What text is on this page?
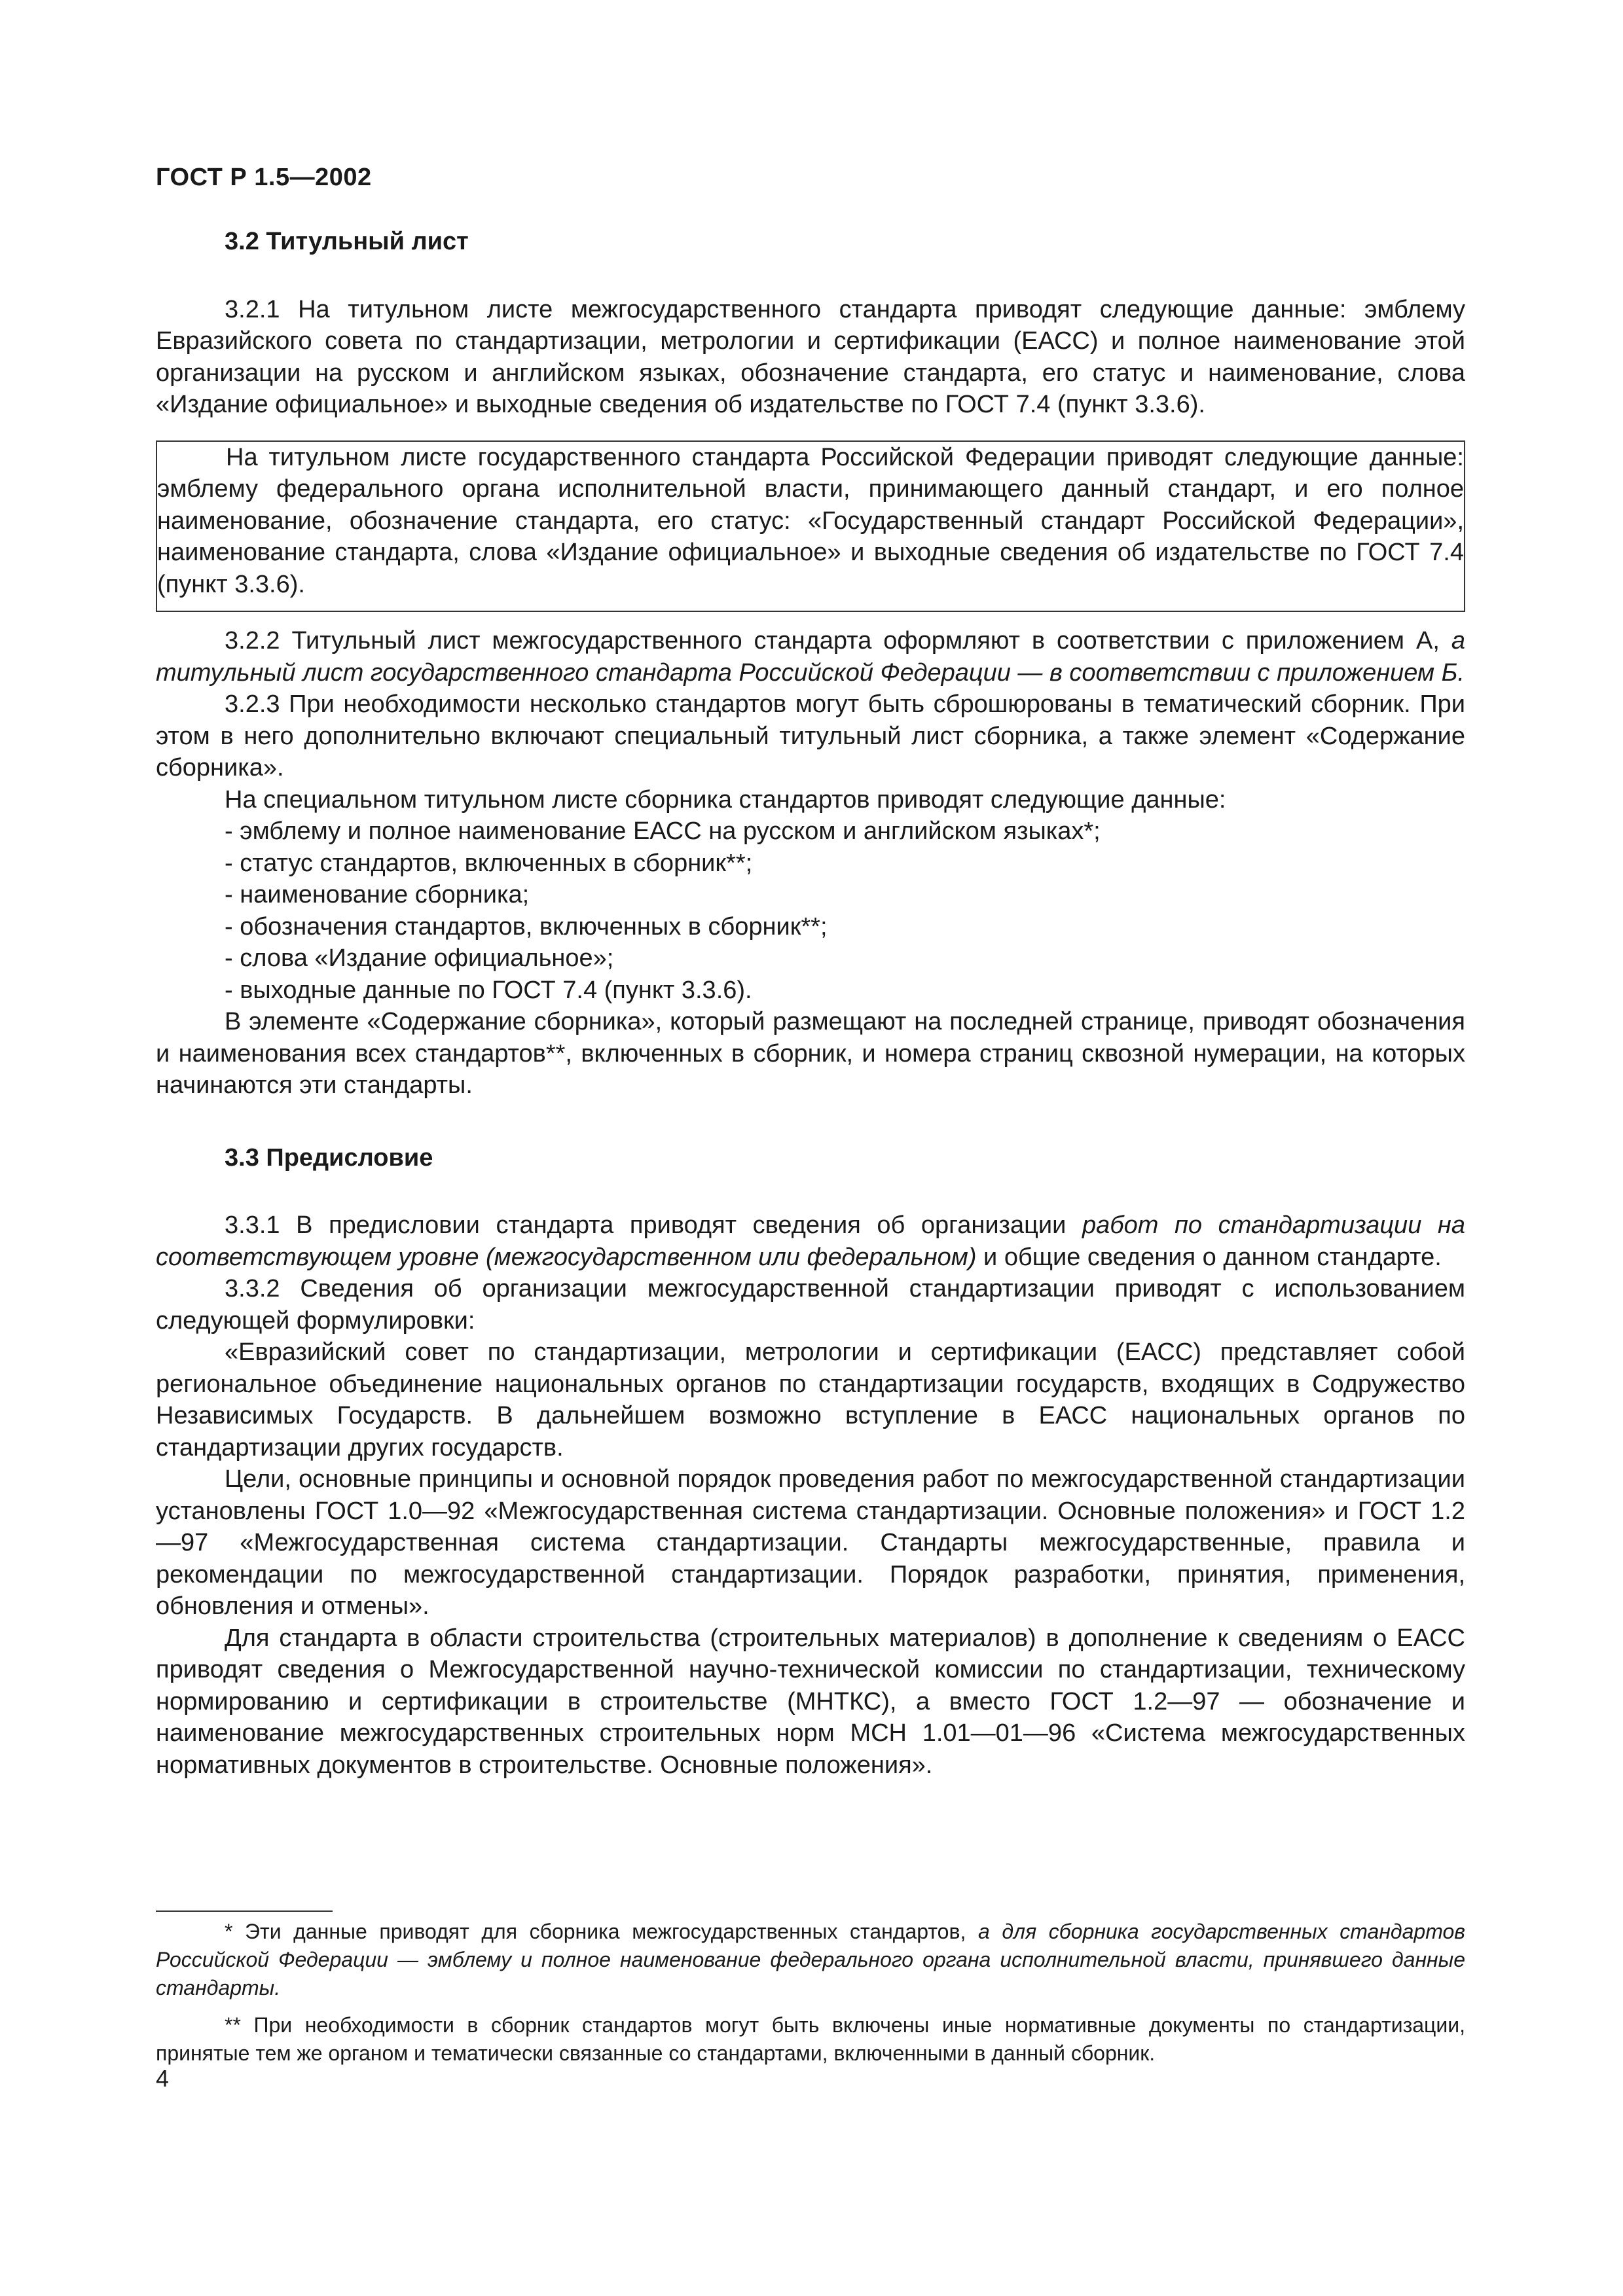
ГОСТ Р 1.5—2002

3.2 Титульный лист

3.2.1 На титульном листе межгосударственного стандарта приводят следующие данные: эмблему Евразийского совета по стандартизации, метрологии и сертификации (ЕАСС) и полное наименование этой организации на русском и английском языках, обозначение стандарта, его статус и наименование, слова «Издание официальное» и выходные сведения об издательстве по ГОСТ 7.4 (пункт 3.3.6).

На титульном листе государственного стандарта Российской Федерации приводят следующие данные: эмблему федерального органа исполнительной власти, принимающего данный стандарт, и его полное наименование, обозначение стандарта, его статус: «Государственный стандарт Российской Федерации», наименование стандарта, слова «Издание официальное» и выходные сведения об издательстве по ГОСТ 7.4 (пункт 3.3.6).

3.2.2 Титульный лист межгосударственного стандарта оформляют в соответствии с приложением А, а титульный лист государственного стандарта Российской Федерации — в соответствии с приложением Б.

3.2.3 При необходимости несколько стандартов могут быть сброшюрованы в тематический сборник. При этом в него дополнительно включают специальный титульный лист сборника, а также элемент «Содержание сборника».

На специальном титульном листе сборника стандартов приводят следующие данные:

- эмблему и полное наименование ЕАСС на русском и английском языках*;
- статус стандартов, включенных в сборник**;
- наименование сборника;
- обозначения стандартов, включенных в сборник**;
- слова «Издание официальное»;
- выходные данные по ГОСТ 7.4 (пункт 3.3.6).

В элементе «Содержание сборника», который размещают на последней странице, приводят обозначения и наименования всех стандартов**, включенных в сборник, и номера страниц сквозной нумерации, на которых начинаются эти стандарты.

3.3 Предисловие

3.3.1 В предисловии стандарта приводят сведения об организации работ по стандартизации на соответствующем уровне (межгосударственном или федеральном) и общие сведения о данном стандарте.

3.3.2 Сведения об организации межгосударственной стандартизации приводят с использованием следующей формулировки:

«Евразийский совет по стандартизации, метрологии и сертификации (ЕАСС) представляет собой региональное объединение национальных органов по стандартизации государств, входящих в Содружество Независимых Государств. В дальнейшем возможно вступление в ЕАСС национальных органов по стандартизации других государств.

Цели, основные принципы и основной порядок проведения работ по межгосударственной стандартизации установлены ГОСТ 1.0—92 «Межгосударственная система стандартизации. Основные положения» и ГОСТ 1.2—97 «Межгосударственная система стандартизации. Стандарты межгосударственные, правила и рекомендации по межгосударственной стандартизации. Порядок разработки, принятия, применения, обновления и отмены».

Для стандарта в области строительства (строительных материалов) в дополнение к сведениям о ЕАСС приводят сведения о Межгосударственной научно-технической комиссии по стандартизации, техническому нормированию и сертификации в строительстве (МНТКС), а вместо ГОСТ 1.2—97 — обозначение и наименование межгосударственных строительных норм МСН 1.01—01—96 «Система межгосударственных нормативных документов в строительстве. Основные положения».

* Эти данные приводят для сборника межгосударственных стандартов, а для сборника государственных стандартов Российской Федерации — эмблему и полное наименование федерального органа исполнительной власти, принявшего данные стандарты.

** При необходимости в сборник стандартов могут быть включены иные нормативные документы по стандартизации, принятые тем же органом и тематически связанные со стандартами, включенными в данный сборник.

4
